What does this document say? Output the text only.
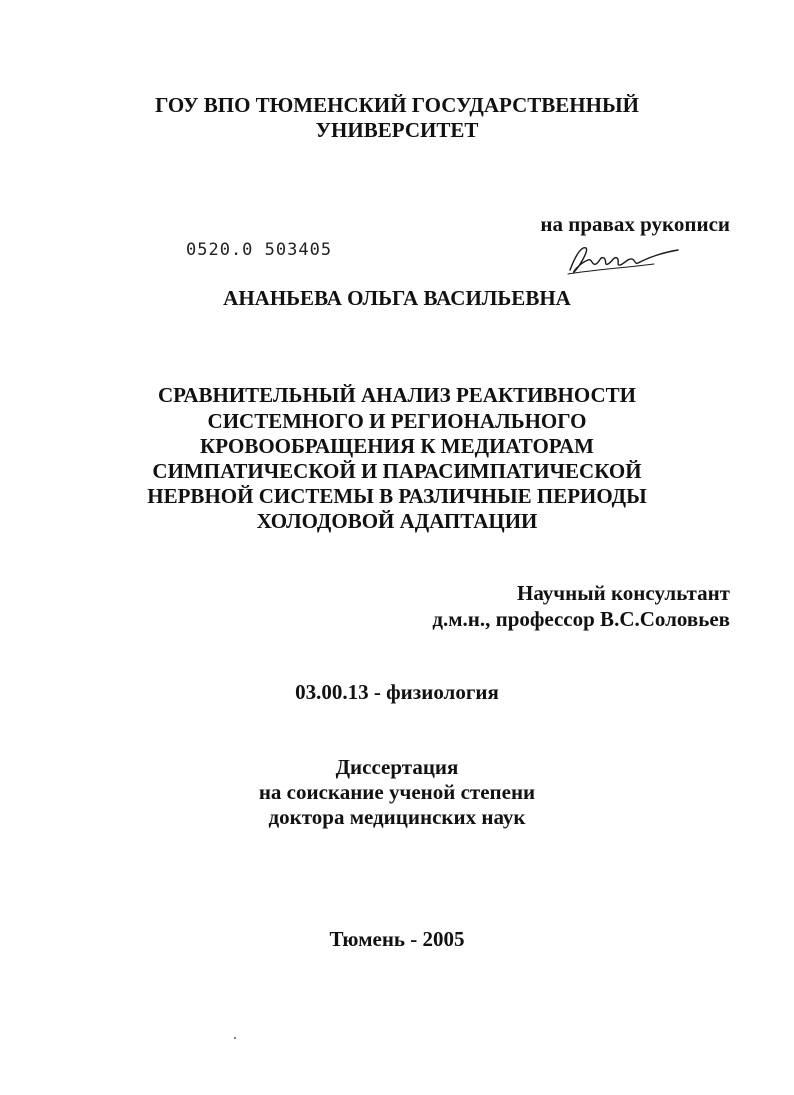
ГОУ ВПО ТЮМЕНСКИЙ ГОСУДАРСТВЕННЫЙ
УНИВЕРСИТЕТ
на правах рукописи
0520.0 503405
АНАНЬЕВА ОЛЬГА ВАСИЛЬЕВНА
СРАВНИТЕЛЬНЫЙ АНАЛИЗ РЕАКТИВНОСТИ
СИСТЕМНОГО И РЕГИОНАЛЬНОГО
КРОВООБРАЩЕНИЯ К МЕДИАТОРАМ
СИМПАТИЧЕСКОЙ И ПАРАСИМПАТИЧЕСКОЙ
НЕРВНОЙ СИСТЕМЫ В РАЗЛИЧНЫЕ ПЕРИОДЫ
ХОЛОДОВОЙ АДАПТАЦИИ
Научный консультант
д.м.н., профессор В.С.Соловьев
03.00.13 - физиология
Диссертация
на соискание ученой степени
доктора медицинских наук
Тюмень - 2005
